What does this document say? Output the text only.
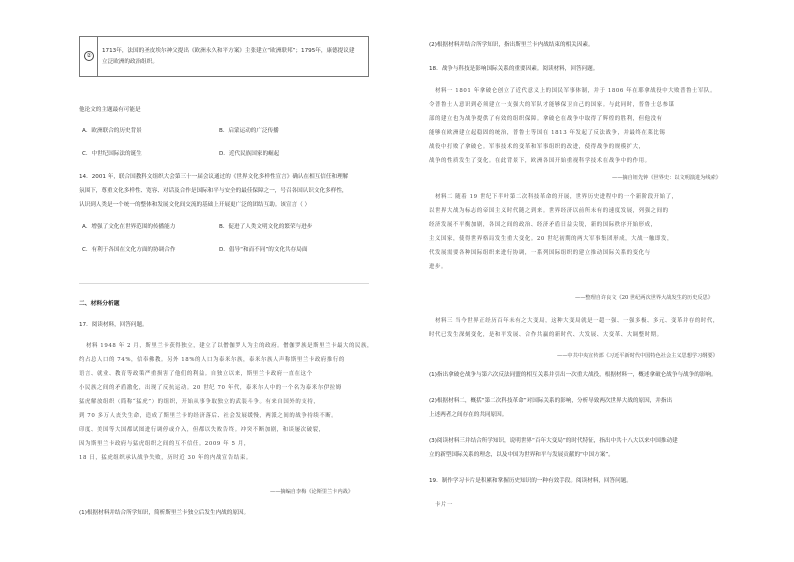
②
1713年，法国的圣皮埃尔神父提出《欧洲永久和平方案》主张建立“欧洲联邦”；1795年，康德提议建
立泛欧洲的政治组织。
他论文的主题最有可能是
A．欧洲联合的历史背景	B．启蒙运动的广泛传播
C．中世纪国际法的诞生	D．近代民族国家的崛起
14．2001 年，联合国教科文组织大会第三十一届会议通过的《世界文化多样性宣言》确认在相互信任和理解
氛围下，尊重文化多样性、宽容、对话及合作是国际和平与安全的最佳保障之一，号召各国认识文化多样性，
认识到人类是一个统一的整体和发展文化间交流的基础上开展更广泛的团结互助。该宣言（ ）
A．增强了文化在世界范围的传播能力	B．促进了人类文明文化的繁荣与进步
C．有利于各国在文化方面的协调合作	D．倡导“和而不同”的文化共存局面
二、材料分析题
17．阅读材料，回答问题。
材料 1948 年 2 月，斯里兰卡获得独立，建立了以僧伽罗人为主的政府。僧伽罗族是斯里兰卡最大的民族，
约占总人口的 74%，信奉佛教。另外 18%的人口为泰米尔族，泰米尔族人声称斯里兰卡政府推行的
语言、就业、教育等政策严重损害了他们的利益。自独立以来，斯里兰卡政府一直在这个
小民族之间的矛盾激化，出现了反抗运动。20 世纪 70 年代，泰米尔人中的一个名为泰米尔伊拉姆
猛虎解放组织（简称“猛虎”）的组织，开始从事争取独立的武装斗争。有来自国外的支持，
到 70 多万人丧失生命，造成了斯里兰卡的经济落后、社会发展缓慢，两派之间的战争持续不断。
印度、美国等大国都试图进行调停或介入，但都以失败告终。冲突不断加剧，和谈屡次破裂，
因为斯里兰卡政府与猛虎组织之间的互不信任。2009 年 5 月，
18 日，猛虎组织承认战争失败，历时近 30 年的内战宣告结束。
——摘编自李梅《论斯里兰卡内战》
(1)根据材料并结合所学知识，简析斯里兰卡独立后发生内战的原因。
(2)根据材料并结合所学知识，指出斯里兰卡内战结束的相关因素。
18．战争与科技是影响国际关系的重要因素。阅读材料，回答问题。
材料一 1801 年拿破仑创立了近代意义上的国民军事体制，并于 1806 年在耶拿战役中大败普鲁士军队。
令普鲁士人意识到必须建立一支强大的军队才能够保卫自己的国家。与此同时，普鲁士总参谋
部的建立也为战争提供了有效的组织保障。拿破仑在战争中取得了辉煌的胜利，但他没有
能够在欧洲建立起稳固的统治，普鲁士等国在 1813 年发起了反法战争，并最终在莱比锡
战役中打败了拿破仑。军事技术的变革和军事组织的改进，使得战争的规模扩大，
战争的性质发生了变化。在此背景下，欧洲各国开始重视科学技术在战争中的作用。
——摘自钮先钟《世界史：以文明演进为线索》
材料二 随着 19 世纪下半叶第二次科技革命的开展，世界历史进程中的一个新阶段开始了，
以世界大战为标志的帝国主义时代随之到来。世界经济以前所未有的速度发展，列强之间的
经济发展不平衡加剧，各国之间的政治、经济矛盾日益尖锐，新的国际秩序开始形成，
主义国家，使得世界格局发生重大变化。20 世纪初期的两大军事集团形成，大战一触即发，
代发展需要各种国际组织来进行协调，一系列国际组织的建立推动国际关系的变化与
进步。
——整理自许良文《20 世纪两次世界大战发生的历史反思》
材料三 当今世界正经历百年未有之大变局，这种大变局就是一超一强、一强多极、多元、变革并存的时代，
时代已发生深刻变化，是和平发展、合作共赢的新时代、大发展、大变革、大调整时期。
——中共中央宣传部《习近平新时代中国特色社会主义思想学习纲要》
(1)指出拿破仑战争与第六次反法同盟的相互关系并引出一次重大战役，根据材料一，概述拿破仑战争与战争的影响。
(2)根据材料二，概括“第二次科技革命”对国际关系的影响，分析导致两次世界大战的原因，并指出
上述两者之间存在的共同原因。
(3)阅读材料三并结合所学知识，说明世界“百年大变局”的时代特征，指出中共十八大以来中国推动建
立的新型国际关系的理念，以及中国为世界和平与发展贡献的“中国方案”。
19．制作学习卡片是积累和掌握历史知识的一种有效手段。阅读材料，回答问题。
卡片一
